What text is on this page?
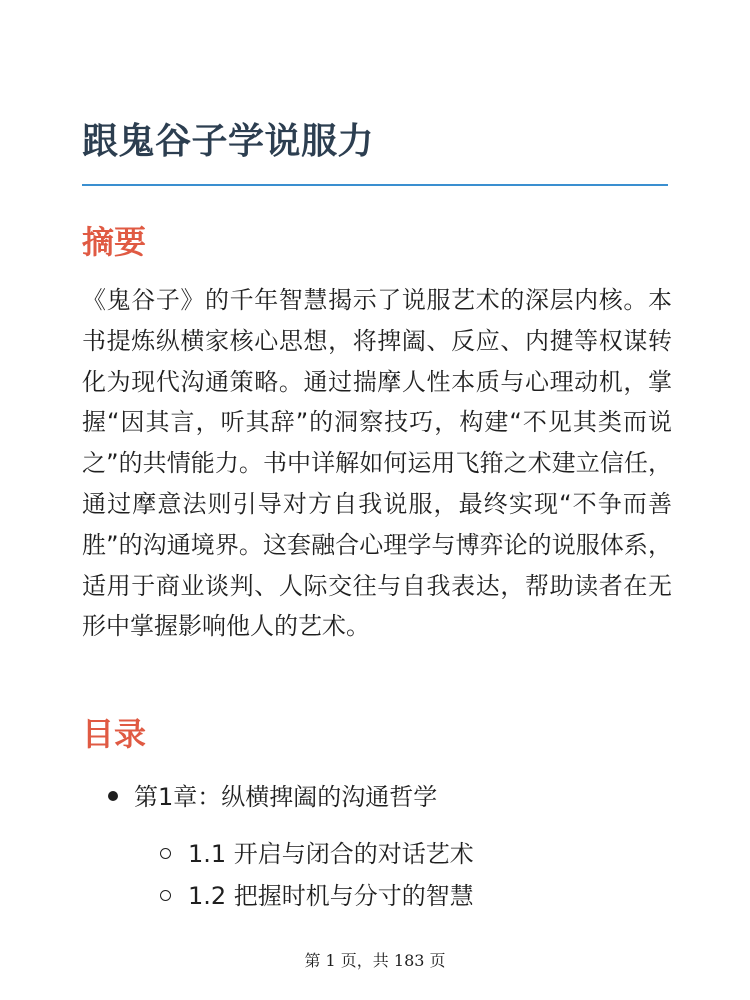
跟鬼谷子学说服力
摘要

《鬼谷子》的千年智慧揭示了说服艺术的深层内核。本书提炼纵横家核心思想，将捭阖、反应、内揵等权谋转化为现代沟通策略。通过揣摩人性本质与心理动机，掌握“因其言，听其辞”的洞察技巧，构建“不见其类而说之”的共情能力。书中详解如何运用飞箝之术建立信任，通过摩意法则引导对方自我说服，最终实现“不争而善胜”的沟通境界。这套融合心理学与博弈论的说服体系，适用于商业谈判、人际交往与自我表达，帮助读者在无形中掌握影响他人的艺术。

目录
第1章：纵横捭阖的沟通哲学
1.1 开启与闭合的对话艺术
1.2 把握时机与分寸的智慧
第 1 页，共 183 页
